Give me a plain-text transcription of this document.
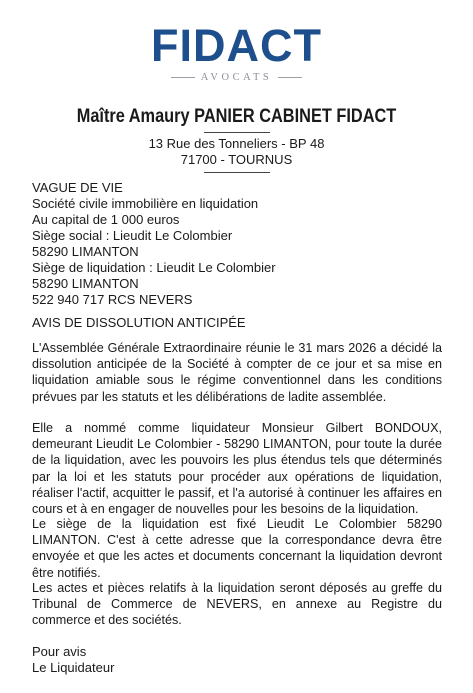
FIDACT
AVOCATS
Maître Amaury PANIER CABINET FIDACT
13 Rue des Tonneliers - BP 48
71700 - TOURNUS
VAGUE DE VIE
Société civile immobilière en liquidation
Au capital de 1 000 euros
Siège social : Lieudit Le Colombier
58290 LIMANTON
Siège de liquidation : Lieudit Le Colombier
58290 LIMANTON
522 940 717 RCS NEVERS
AVIS DE DISSOLUTION ANTICIPÉE

L'Assemblée Générale Extraordinaire réunie le 31 mars 2026 a décidé la dissolution anticipée de la Société à compter de ce jour et sa mise en liquidation amiable sous le régime conventionnel dans les conditions prévues par les statuts et les délibérations de ladite assemblée.

Elle a nommé comme liquidateur Monsieur Gilbert BONDOUX, demeurant Lieudit Le Colombier - 58290 LIMANTON, pour toute la durée de la liquidation, avec les pouvoirs les plus étendus tels que déterminés par la loi et les statuts pour procéder aux opérations de liquidation, réaliser l'actif, acquitter le passif, et l'a autorisé à continuer les affaires en cours et à en engager de nouvelles pour les besoins de la liquidation.

Le siège de la liquidation est fixé Lieudit Le Colombier 58290 LIMANTON. C'est à cette adresse que la correspondance devra être envoyée et que les actes et documents concernant la liquidation devront être notifiés.

Les actes et pièces relatifs à la liquidation seront déposés au greffe du Tribunal de Commerce de NEVERS, en annexe au Registre du commerce et des sociétés.

Pour avis
Le Liquidateur
